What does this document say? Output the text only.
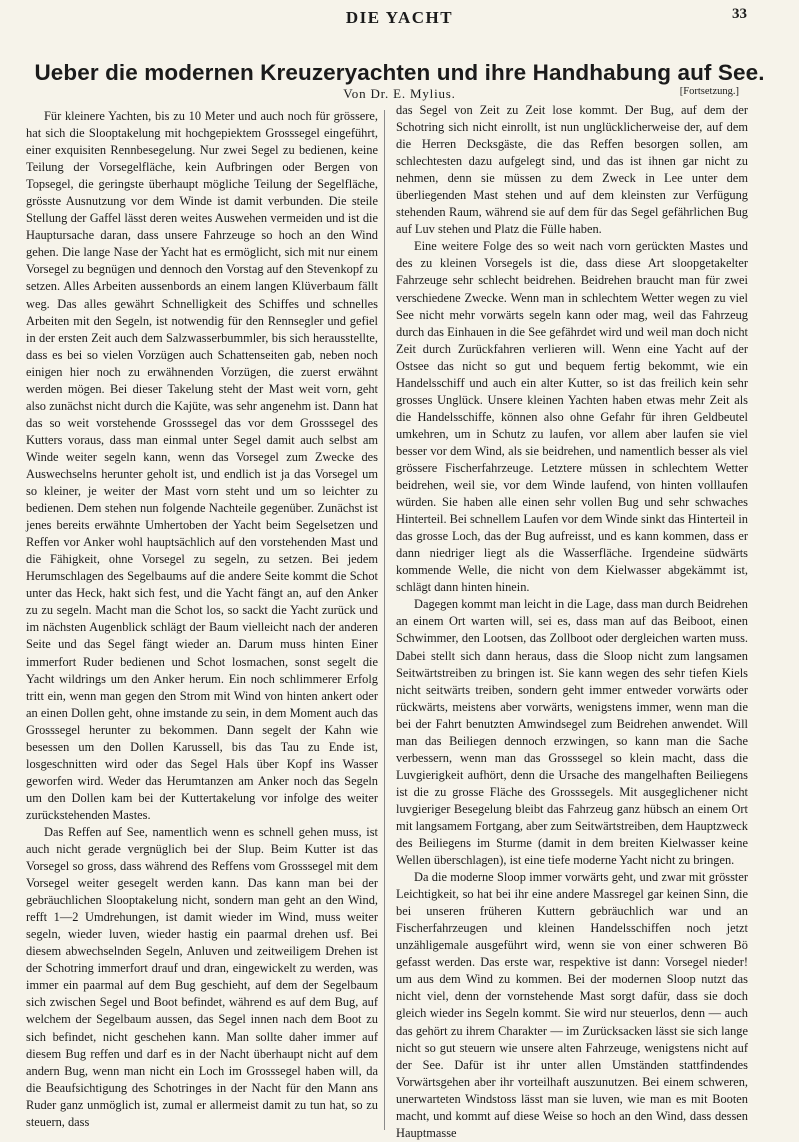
DIE YACHT	33
Ueber die modernen Kreuzeryachten und ihre Handhabung auf See.
Von Dr. E. Mylius.	[Fortsetzung.]

Für kleinere Yachten, bis zu 10 Meter und auch noch für grössere, hat sich die Slooptakelung mit hochgepiektem Grosssegel eingeführt, einer exquisiten Rennbesegelung. Nur zwei Segel zu bedienen, keine Teilung der Vorsegelfläche, kein Aufbringen oder Bergen von Topsegel, die geringste überhaupt mögliche Teilung der Segelfläche, grösste Ausnutzung vor dem Winde ist damit verbunden. Die steile Stellung der Gaffel lässt deren weites Auswehen vermeiden und ist die Hauptursache daran, dass unsere Fahrzeuge so hoch an den Wind gehen. Die lange Nase der Yacht hat es ermöglicht, sich mit nur einem Vorsegel zu begnügen und dennoch den Vorstag auf den Stevenkopf zu setzen. Alles Arbeiten aussenbords an einem langen Klüverbaum fällt weg. Das alles gewährt Schnelligkeit des Schiffes und schnelles Arbeiten mit den Segeln, ist notwendig für den Rennsegler und gefiel in der ersten Zeit auch dem Salzwasserbummler, bis sich herausstellte, dass es bei so vielen Vorzügen auch Schattenseiten gab, neben noch einigen hier noch zu erwähnenden Vorzügen, die zuerst erwähnt werden mögen. Bei dieser Takelung steht der Mast weit vorn, geht also zunächst nicht durch die Kajüte, was sehr angenehm ist. Dann hat das so weit vorstehende Grosssegel das vor dem Grosssegel des Kutters voraus, dass man einmal unter Segel damit auch selbst am Winde weiter segeln kann, wenn das Vorsegel zum Zwecke des Auswechselns herunter geholt ist, und endlich ist ja das Vorsegel um so kleiner, je weiter der Mast vorn steht und um so leichter zu bedienen. Dem stehen nun folgende Nachteile gegenüber. Zunächst ist jenes bereits erwähnte Umhertoben der Yacht beim Segelsetzen und Reffen vor Anker wohl hauptsächlich auf den vorstehenden Mast und die Fähigkeit, ohne Vorsegel zu segeln, zu setzen. Bei jedem Herumschlagen des Segelbaums auf die andere Seite kommt die Schot unter das Heck, hakt sich fest, und die Yacht fängt an, auf den Anker zu zu segeln. Macht man die Schot los, so sackt die Yacht zurück und im nächsten Augenblick schlägt der Baum vielleicht nach der anderen Seite und das Segel fängt wieder an. Darum muss hinten Einer immerfort Ruder bedienen und Schot losmachen, sonst segelt die Yacht wildrings um den Anker herum. Ein noch schlimmerer Erfolg tritt ein, wenn man gegen den Strom mit Wind von hinten ankert oder an einen Dollen geht, ohne imstande zu sein, in dem Moment auch das Grosssegel herunter zu bekommen. Dann segelt der Kahn wie besessen um den Dollen Karussell, bis das Tau zu Ende ist, losgeschnitten wird oder das Segel Hals über Kopf ins Wasser geworfen wird. Weder das Herumtanzen am Anker noch das Segeln um den Dollen kam bei der Kuttertakelung vor infolge des weiter zurückstehenden Mastes.

Das Reffen auf See, namentlich wenn es schnell gehen muss, ist auch nicht gerade vergnüglich bei der Slup. Beim Kutter ist das Vorsegel so gross, dass während des Reffens vom Grosssegel mit dem Vorsegel weiter gesegelt werden kann. Das kann man bei der gebräuchlichen Slooptakelung nicht, sondern man geht an den Wind, refft 1—2 Umdrehungen, ist damit wieder im Wind, muss weiter segeln, wieder luven, wieder hastig ein paarmal drehen usf. Bei diesem abwechselnden Segeln, Anluven und zeitweiligem Drehen ist der Schotring immerfort drauf und dran, eingewickelt zu werden, was immer ein paarmal auf dem Bug geschieht, auf dem der Segelbaum sich zwischen Segel und Boot befindet, während es auf dem Bug, auf welchem der Segelbaum aussen, das Segel innen nach dem Boot zu sich befindet, nicht geschehen kann. Man sollte daher immer auf diesem Bug reffen und darf es in der Nacht überhaupt nicht auf dem andern Bug, wenn man nicht ein Loch im Grosssegel haben will, da die Beaufsichtigung des Schotringes in der Nacht für den Mann ans Ruder ganz unmöglich ist, zumal er allermeist damit zu tun hat, so zu steuern, dass

das Segel von Zeit zu Zeit lose kommt. Der Bug, auf dem der Schotring sich nicht einrollt, ist nun unglücklicherweise der, auf dem die Herren Decksgäste, die das Reffen besorgen sollen, am schlechtesten dazu aufgelegt sind, und das ist ihnen gar nicht zu nehmen, denn sie müssen zu dem Zweck in Lee unter dem überliegenden Mast stehen und auf dem kleinsten zur Verfügung stehenden Raum, während sie auf dem für das Segel gefährlichen Bug auf Luv stehen und Platz die Fülle haben.

Eine weitere Folge des so weit nach vorn gerückten Mastes und des zu kleinen Vorsegels ist die, dass diese Art sloopgetakelter Fahrzeuge sehr schlecht beidrehen. Beidrehen braucht man für zwei verschiedene Zwecke. Wenn man in schlechtem Wetter wegen zu viel See nicht mehr vorwärts segeln kann oder mag, weil das Fahrzeug durch das Einhauen in die See gefährdet wird und weil man doch nicht Zeit durch Zurückfahren verlieren will. Wenn eine Yacht auf der Ostsee das nicht so gut und bequem fertig bekommt, wie ein Handelsschiff und auch ein alter Kutter, so ist das freilich kein sehr grosses Unglück. Unsere kleinen Yachten haben etwas mehr Zeit als die Handelsschiffe, können also ohne Gefahr für ihren Geldbeutel umkehren, um in Schutz zu laufen, vor allem aber laufen sie viel besser vor dem Wind, als sie beidrehen, und namentlich besser als viel grössere Fischerfahrzeuge. Letztere müssen in schlechtem Wetter beidrehen, weil sie, vor dem Winde laufend, von hinten volllaufen würden. Sie haben alle einen sehr vollen Bug und sehr schwaches Hinterteil. Bei schnellem Laufen vor dem Winde sinkt das Hinterteil in das grosse Loch, das der Bug aufreisst, und es kann kommen, dass er dann niedriger liegt als die Wasserfläche. Irgendeine südwärts kommende Welle, die nicht von dem Kielwasser abgekämmt ist, schlägt dann hinten hinein.

Dagegen kommt man leicht in die Lage, dass man durch Beidrehen an einem Ort warten will, sei es, dass man auf das Beiboot, einen Schwimmer, den Lootsen, das Zollboot oder dergleichen warten muss. Dabei stellt sich dann heraus, dass die Sloop nicht zum langsamen Seitwärtstreiben zu bringen ist. Sie kann wegen des sehr tiefen Kiels nicht seitwärts treiben, sondern geht immer entweder vorwärts oder rückwärts, meistens aber vorwärts, wenigstens immer, wenn man die bei der Fahrt benutzten Amwindsegel zum Beidrehen anwendet. Will man das Beiliegen dennoch erzwingen, so kann man die Sache verbessern, wenn man das Grosssegel so klein macht, dass die Luvgierigkeit aufhört, denn die Ursache des mangelhaften Beiliegens ist die zu grosse Fläche des Grosssegels. Mit ausgeglichener nicht luvgieriger Besegelung bleibt das Fahrzeug ganz hübsch an einem Ort mit langsamem Fortgang, aber zum Seitwärtstreiben, dem Hauptzweck des Beiliegens im Sturme (damit in dem breiten Kielwasser keine Wellen überschlagen), ist eine tiefe moderne Yacht nicht zu bringen.

Da die moderne Sloop immer vorwärts geht, und zwar mit grösster Leichtigkeit, so hat bei ihr eine andere Massregel gar keinen Sinn, die bei unseren früheren Kuttern gebräuchlich war und an Fischerfahrzeugen und kleinen Handelsschiffen noch jetzt unzähligemale ausgeführt wird, wenn sie von einer schweren Bö gefasst werden. Das erste war, respektive ist dann: Vorsegel nieder! um aus dem Wind zu kommen. Bei der modernen Sloop nutzt das nicht viel, denn der vornstehende Mast sorgt dafür, dass sie doch gleich wieder ins Segeln kommt. Sie wird nur steuerlos, denn — auch das gehört zu ihrem Charakter — im Zurücksacken lässt sie sich lange nicht so gut steuern wie unsere alten Fahrzeuge, wenigstens nicht auf der See. Dafür ist ihr unter allen Umständen stattfindendes Vorwärtsgehen aber ihr vorteilhaft auszunutzen. Bei einem schweren, unerwarteten Windstoss lässt man sie luven, wie man es mit Booten macht, und kommt auf diese Weise so hoch an den Wind, dass dessen Hauptmasse
